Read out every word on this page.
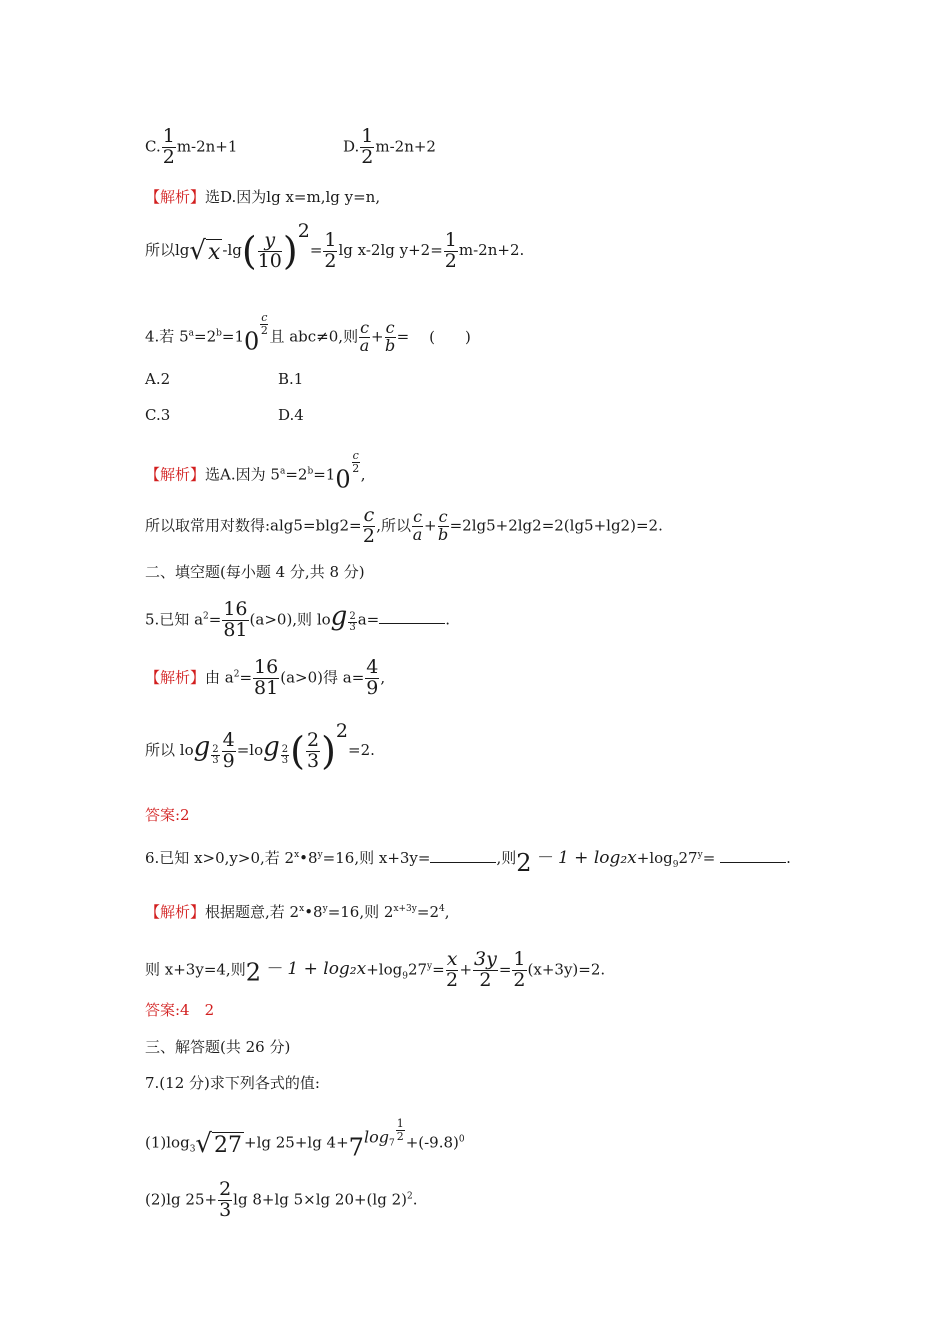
C. $\frac{1}{2} m-2n+1$	D. $\frac{1}{2} m-2n+2$
【解析】选D.因为lg x=m,lg y=n,
所以lg√x $-\lg( \frac{y}{10} )2= \frac{1}{2}$ lg x-2lg $y+2= \frac{1}{2} m-2n+2$.
4.若 $5^a=2^b=10$
$\frac{c}{2}$
且 abc≠0,则 $\frac{c}{a} + \frac{c}{b}$ = (　　)
A.2	B.1
C.3	D.4
【解析】选A.因为 $5^a=2^b=10$
$\frac{c}{2}$
,
所以取常用对数得:alg5=blg2= $\frac{c}{2}$ ,所以 $\frac{c}{a} + \frac{c}{b} =2\lg 5+2\lg 2=2(\lg 5+\lg 2)=2$.
二、填空题(每小题 4 分,共 8 分)
5.已知 $a^2= \frac{16}{81} (a>0)$,则 $\log \frac{2}{3} a=$	.
【解析】由 $a^2= \frac{16}{81} (a>0)$得 $a= \frac{4}{9}$ ,
所以 $\log \frac{2}{3} \frac{4}{9} =\log \frac{2}{3}$ ( $\frac{2}{3} )2=2$.
答案:2
6.已知 x>0,y>0,若 $2^x•8^y=16$,则 x+3y=	,则$2 - 1 + \log_2x+\log_927^y=$	.
【解析】根据题意,若 $2^x•8^y=16$,则 $2^{x+3y}=2^4$,
则 x+3y=4,则$2 - 1 + \log_2x+\log_927^y= \frac{x}{2} + \frac{3y}{2} = \frac{1}{2} (x+3y)=2$.
答案:4　2
三、解答题(共 26 分)
7.(12 分)求下列各式的值:
$(1)\log_3√27 +\lg$ 25+lg $4+7\log^7$
$\frac{1}{2}$
$+(-9.8)^0$
(2)lg $25+ \frac{2}{3}$ lg 8+lg 5×lg 20+(lg 2)$^2$.
